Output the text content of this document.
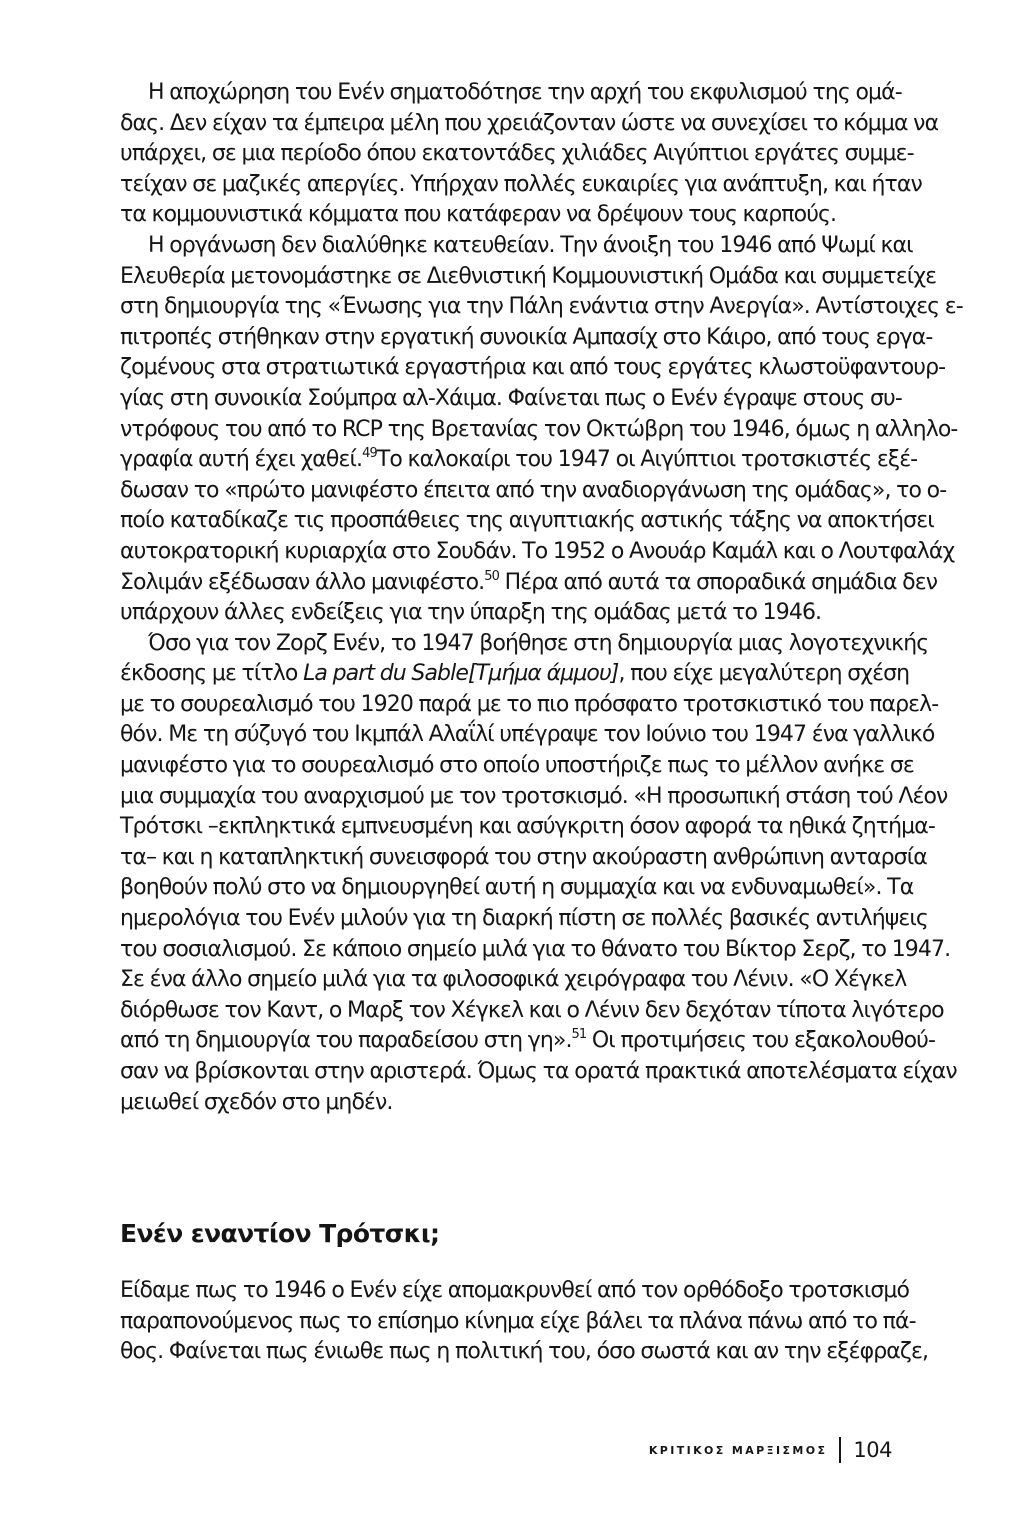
Η αποχώρηση του Ενέν σηματοδότησε την αρχή του εκφυλισμού της ομά-
δας. Δεν είχαν τα έμπειρα μέλη που χρειάζονταν ώστε να συνεχίσει το κόμμα να
υπάρχει, σε μια περίοδο όπου εκατοντάδες χιλιάδες Αιγύπτιοι εργάτες συμμε-
τείχαν σε μαζικές απεργίες. Υπήρχαν πολλές ευκαιρίες για ανάπτυξη, και ήταν
τα κομμουνιστικά κόμματα που κατάφεραν να δρέψουν τους καρπούς.
Η οργάνωση δεν διαλύθηκε κατευθείαν. Την άνοιξη του 1946 από Ψωμί και
Ελευθερία μετονομάστηκε σε Διεθνιστική Κομμουνιστική Ομάδα και συμμετείχε
στη δημιουργία της «Ένωσης για την Πάλη ενάντια στην Ανεργία». Αντίστοιχες ε-
πιτροπές στήθηκαν στην εργατική συνοικία Αμπασίχ στο Κάιρο, από τους εργα-
ζομένους στα στρατιωτικά εργαστήρια και από τους εργάτες κλωστοϋφαντουρ-
γίας στη συνοικία Σούμπρα αλ-Χάιμα. Φαίνεται πως ο Ενέν έγραψε στους συ-
ντρόφους του από το RCP της Βρετανίας τον Οκτώβρη του 1946, όμως η αλληλο-
γραφία αυτή έχει χαθεί.$^{49}$Το καλοκαίρι του 1947 οι Αιγύπτιοι τροτσκιστές εξέ-
δωσαν το «πρώτο μανιφέστο έπειτα από την αναδιοργάνωση της ομάδας», το ο-
ποίο καταδίκαζε τις προσπάθειες της αιγυπτιακής αστικής τάξης να αποκτήσει
αυτοκρατορική κυριαρχία στο Σουδάν. Το 1952 ο Ανουάρ Καμάλ και ο Λουτφαλάχ
Σολιμάν εξέδωσαν άλλο μανιφέστο.$^{50}$ Πέρα από αυτά τα σποραδικά σημάδια δεν
υπάρχουν άλλες ενδείξεις για την ύπαρξη της ομάδας μετά το 1946.
Όσο για τον Ζορζ Ενέν, το 1947 βοήθησε στη δημιουργία μιας λογοτεχνικής
έκδοσης με τίτλο La part du Sable[Τμήμα άμμου], που είχε μεγαλύτερη σχέση
με το σουρεαλισμό του 1920 παρά με το πιο πρόσφατο τροτσκιστικό του παρελ-
θόν. Με τη σύζυγό του Ικμπάλ Αλαΐλί υπέγραψε τον Ιούνιο του 1947 ένα γαλλικό
μανιφέστο για το σουρεαλισμό στο οποίο υποστήριζε πως το μέλλον ανήκε σε
μια συμμαχία του αναρχισμού με τον τροτσκισμό. «Η προσωπική στάση τού Λέον
Τρότσκι –εκπληκτικά εμπνευσμένη και ασύγκριτη όσον αφορά τα ηθικά ζητήμα-
τα– και η καταπληκτική συνεισφορά του στην ακούραστη ανθρώπινη ανταρσία
βοηθούν πολύ στο να δημιουργηθεί αυτή η συμμαχία και να ενδυναμωθεί». Τα
ημερολόγια του Ενέν μιλούν για τη διαρκή πίστη σε πολλές βασικές αντιλήψεις
του σοσιαλισμού. Σε κάποιο σημείο μιλά για το θάνατο του Βίκτορ Σερζ, το 1947.
Σε ένα άλλο σημείο μιλά για τα φιλοσοφικά χειρόγραφα του Λένιν. «Ο Χέγκελ
διόρθωσε τον Καντ, ο Μαρξ τον Χέγκελ και ο Λένιν δεν δεχόταν τίποτα λιγότερο
από τη δημιουργία του παραδείσου στη γη».$^{51}$ Οι προτιμήσεις του εξακολουθού-
σαν να βρίσκονται στην αριστερά. Όμως τα ορατά πρακτικά αποτελέσματα είχαν
μειωθεί σχεδόν στο μηδέν.
Ενέν εναντίον Τρότσκι;
Είδαμε πως το 1946 ο Ενέν είχε απομακρυνθεί από τον ορθόδοξο τροτσκισμό
παραπονούμενος πως το επίσημο κίνημα είχε βάλει τα πλάνα πάνω από το πά-
θος. Φαίνεται πως ένιωθε πως η πολιτική του, όσο σωστά και αν την εξέφραζε,
ΚΡΙΤΙΚΟΣ ΜΑΡΞΙΣΜΟΣ 104
